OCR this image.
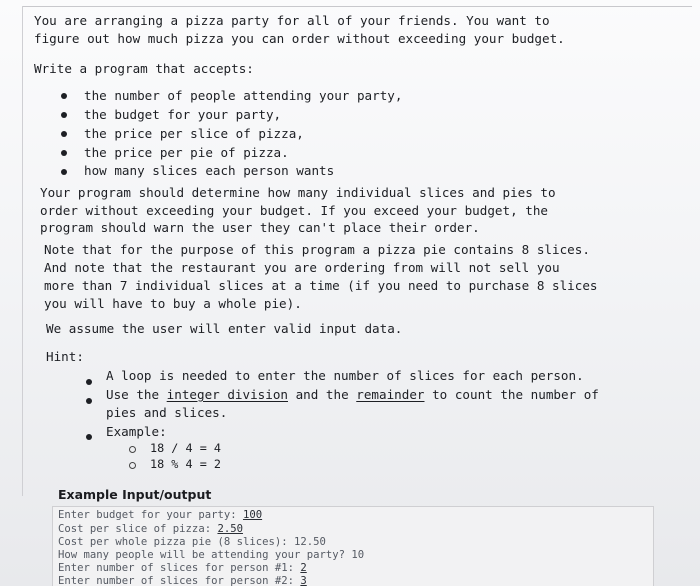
You are arranging a pizza party for all of your friends. You want to
figure out how much pizza you can order without exceeding your budget.
Write a program that accepts:
the number of people attending your party,
the budget for your party,
the price per slice of pizza,
the price per pie of pizza.
how many slices each person wants
Your program should determine how many individual slices and pies to
order without exceeding your budget. If you exceed your budget, the
program should warn the user they can't place their order.
Note that for the purpose of this program a pizza pie contains 8 slices.
And note that the restaurant you are ordering from will not sell you
more than 7 individual slices at a time (if you need to purchase 8 slices
you will have to buy a whole pie).
We assume the user will enter valid input data.
Hint:
A loop is needed to enter the number of slices for each person.
Use the integer division and the remainder to count the number of
pies and slices.
Example:
18 / 4 = 4
18 % 4 = 2
Example Input/output
Enter budget for your party: 100
Cost per slice of pizza: 2.50
Cost per whole pizza pie (8 slices): 12.50
How many people will be attending your party? 10
Enter number of slices for person #1: 2
Enter number of slices for person #2: 3
